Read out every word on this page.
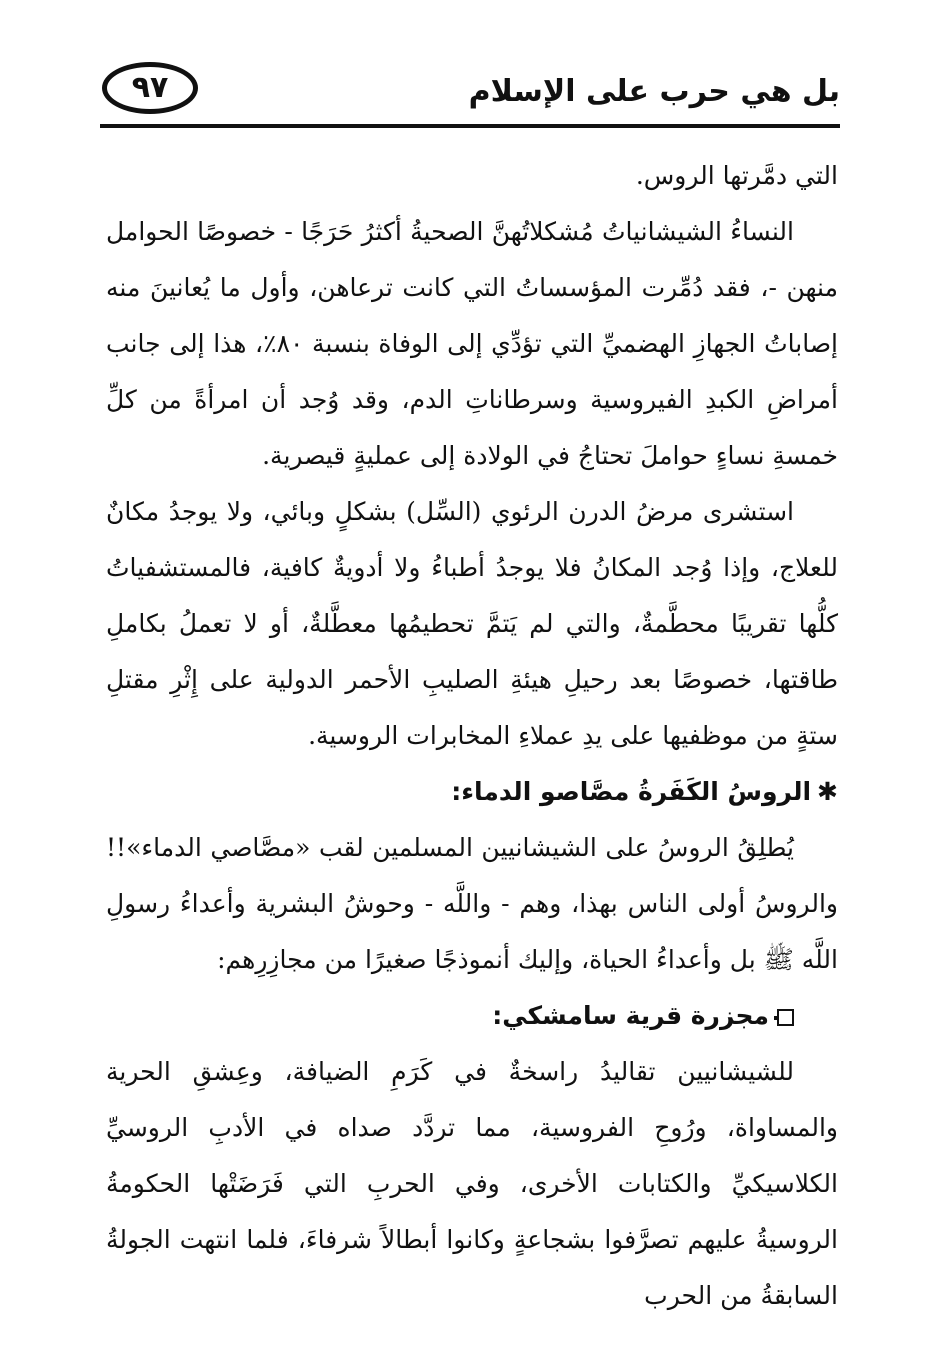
٩٧	بل هي حرب على الإسلام

التي دمَّرتها الروس.

النساءُ الشيشانياتُ مُشكلاتُهنَّ الصحيةُ أكثرُ حَرَجًا - خصوصًا الحوامل منهن -، فقد دُمِّرت المؤسساتُ التي كانت ترعاهن، وأول ما يُعانينَ منه إصاباتُ الجهازِ الهضميِّ التي تؤدِّي إلى الوفاة بنسبة ٨٠٪، هذا إلى جانب أمراضِ الكبدِ الفيروسية وسرطاناتِ الدم، وقد وُجد أن امرأةً من كلِّ خمسةِ نساءٍ حواملَ تحتاجُ في الولادة إلى عمليةٍ قيصرية.

استشرى مرضُ الدرن الرئوي (السِّل) بشكلٍ وبائي، ولا يوجدُ مكانٌ للعلاج، وإذا وُجد المكانُ فلا يوجدُ أطباءُ ولا أدويةٌ كافية، فالمستشفياتُ كلُّها تقريبًا محطَّمةٌ، والتي لم يَتمَّ تحطيمُها معطَّلةٌ، أو لا تعملُ بكاملِ طاقتها، خصوصًا بعد رحيلِ هيئةِ الصليبِ الأحمر الدولية على إِثْرِ مقتلِ ستةٍ من موظفيها على يدِ عملاءِ المخابرات الروسية.

✱الروسُ الكَفَرةُ مصَّاصو الدماء:

يُطلِقُ الروسُ على الشيشانيين المسلمين لقب «مصَّاصي الدماء»!! والروسُ أولى الناس بهذا، وهم - واللَّه - وحوشُ البشرية وأعداءُ رسولِ اللَّه ﷺ بل وأعداءُ الحياة، وإليك أنموذجًا صغيرًا من مجازِرِهم:

مجزرة قرية سامشكي:

للشيشانيين تقاليدُ راسخةٌ في كَرَمِ الضيافة، وعِشقِ الحرية والمساواة، ورُوحِ الفروسية، مما تردَّد صداه في الأدبِ الروسيِّ الكلاسيكيِّ والكتابات الأخرى، وفي الحربِ التي فَرَضَتْها الحكومةُ الروسيةُ عليهم تصرَّفوا بشجاعةٍ وكانوا أبطالاً شرفاءَ، فلما انتهت الجولةُ السابقةُ من الحرب
